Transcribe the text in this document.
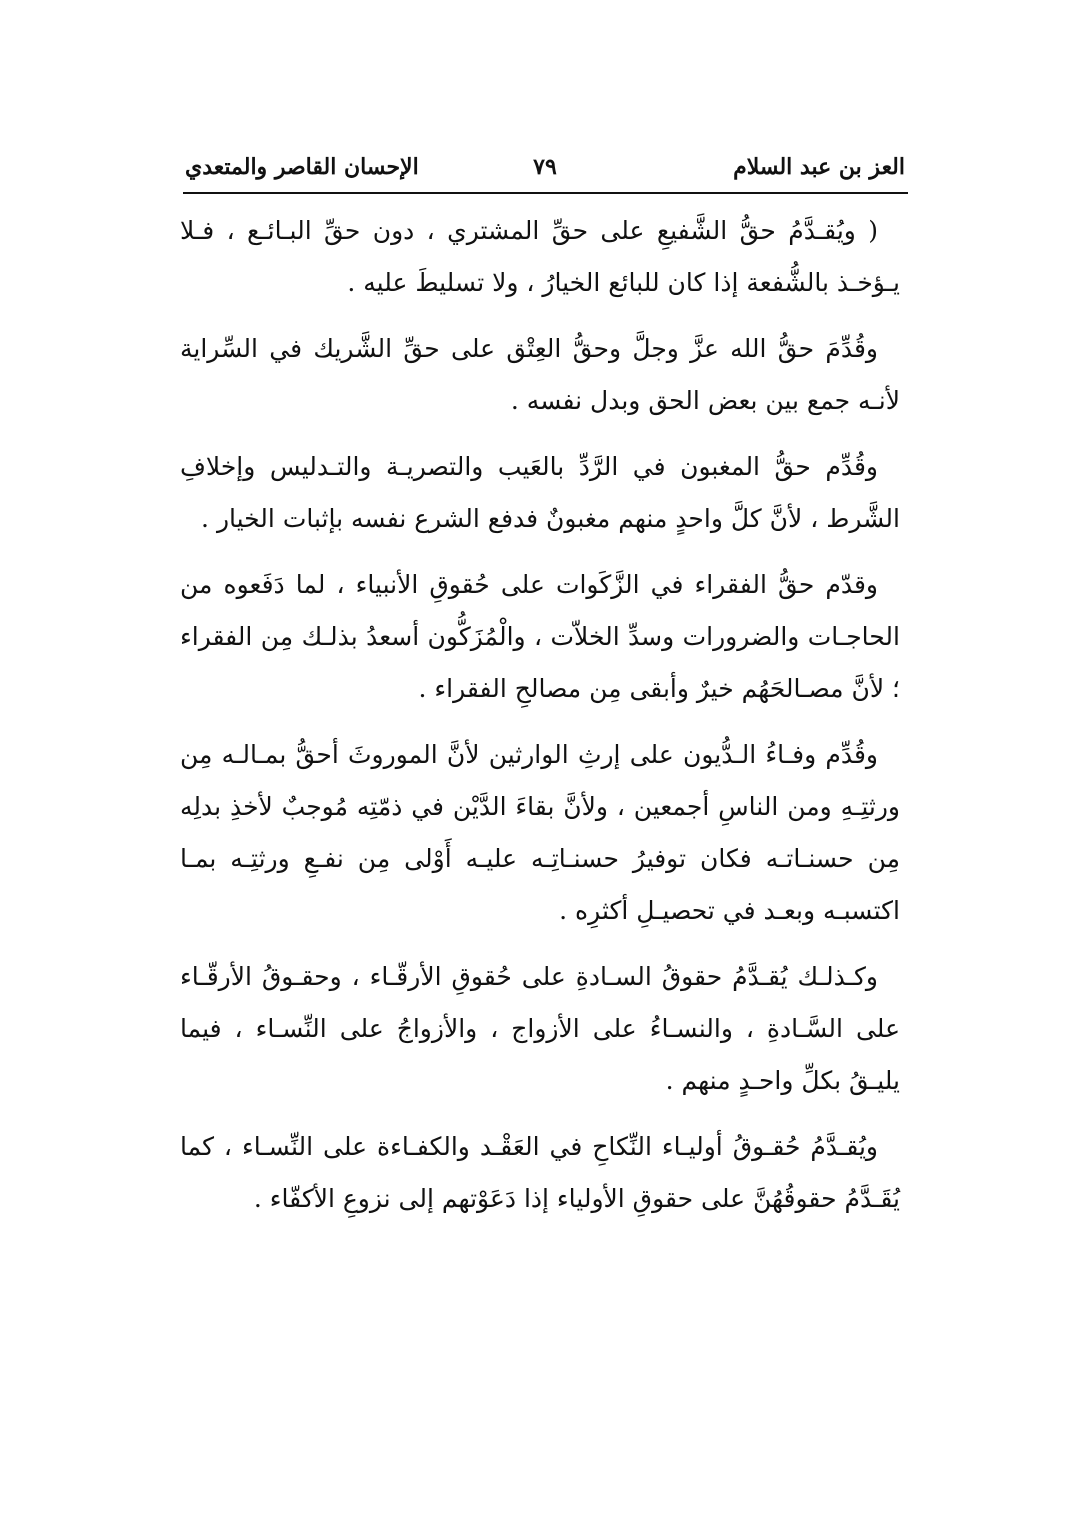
العز بن عبد السلام
٧٩
الإحسان القاصر والمتعدي

( ويُقـدَّمُ حقُّ الشَّفيعِ على حقِّ المشتري ، دون حقِّ البـائـع ، فـلا يـؤخـذ بالشُّفعة إذا كان للبائع الخيارُ ، ولا تسليطَ عليه .

وقُدِّمَ حقُّ الله عزَّ وجلَّ وحقُّ العِتْق على حقِّ الشَّريك في السِّراية لأنـه جمع بين بعض الحق وبدل نفسه .

وقُدِّم حقُّ المغبون في الرَّدِّ بالعَيب والتصريـة والتـدليس وإخلافِ الشَّرط ، لأنَّ كلَّ واحدٍ منهم مغبونٌ فدفع الشرع نفسه بإثبات الخيار .

وقدّم حقُّ الفقراء في الزَّكَوات على حُقوقِ الأنبياء ، لما دَفَعوه من الحاجـات والضرورات وسدِّ الخلاّت ، والْمُزَكُّون أسعدُ بذلـك مِن الفقراء ؛ لأنَّ مصـالحَهُم خيرٌ وأبقى مِن مصالحِ الفقراء .

وقُدِّم وفـاءُ الـدُّيون على إرثِ الوارثين لأنَّ الموروثَ أحقُّ بمـالـه مِن ورثتِـهِ ومن الناسِ أجمعين ، ولأنَّ بقاءَ الدَّيْن في ذمّتِه مُوجبٌ لأخذِ بدلِه مِن حسنـاتـه فكان توفيرُ حسنـاتِـه عليـه أَوْلى مِن نفـعِ ورثتِـه بمـا اكتسبـه وبعـد في تحصيـلِ أكثرِه .

وكـذلـك يُقـدَّمُ حقوقُ السـادةِ على حُقوقِ الأرقّـاء ، وحقـوقُ الأرقّـاء على السَّـادةِ ، والنسـاءُ على الأزواج ، والأزواجُ على النِّسـاء ، فيما يليـقُ بكلِّ واحـدٍ منهم .

ويُقـدَّمُ حُقـوقُ أوليـاء النِّكاحِ في العَقْـد والكفـاءة على النِّسـاء ، كما يُقَـدَّمُ حقوقُهُنَّ على حقوقِ الأولياء إذا دَعَوْتهم إلى نزوعِ الأكفّاء .
